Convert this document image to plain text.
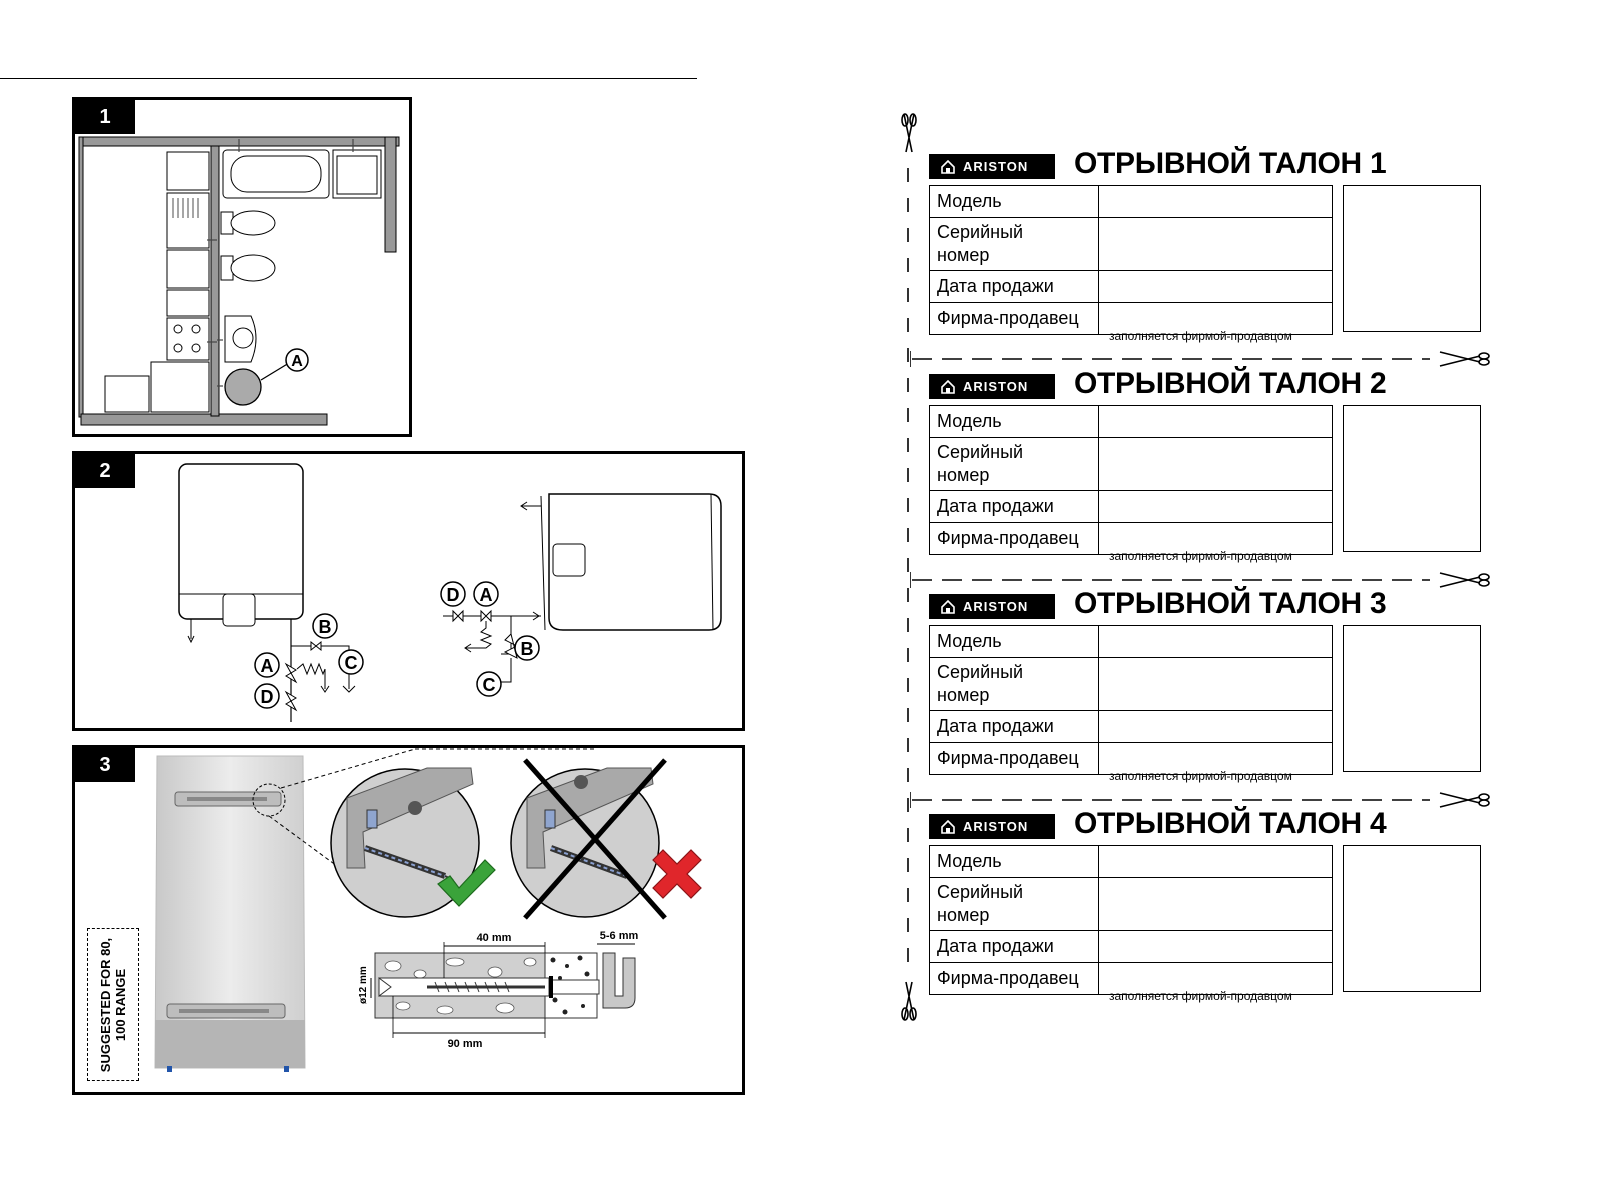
1
A
2
B
A
D
C
D A
B
C
3
40 mm	5-6 mm
90 mm
ø12 mm
SUGGESTED FOR 80, 100 RANGE
ARISTON ОТРЫВНОЙ ТАЛОН 1
Модель	
Серийный
номер	
Дата продажи	
Фирма-продавец	
заполняется фирмой-продавцом
ARISTON ОТРЫВНОЙ ТАЛОН 2
Модель	
Серийный
номер	
Дата продажи	
Фирма-продавец	
заполняется фирмой-продавцом
ARISTON ОТРЫВНОЙ ТАЛОН 3
Модель	
Серийный
номер	
Дата продажи	
Фирма-продавец	
заполняется фирмой-продавцом
ARISTON ОТРЫВНОЙ ТАЛОН 4
Модель	
Серийный
номер	
Дата продажи	
Фирма-продавец	
заполняется фирмой-продавцом
